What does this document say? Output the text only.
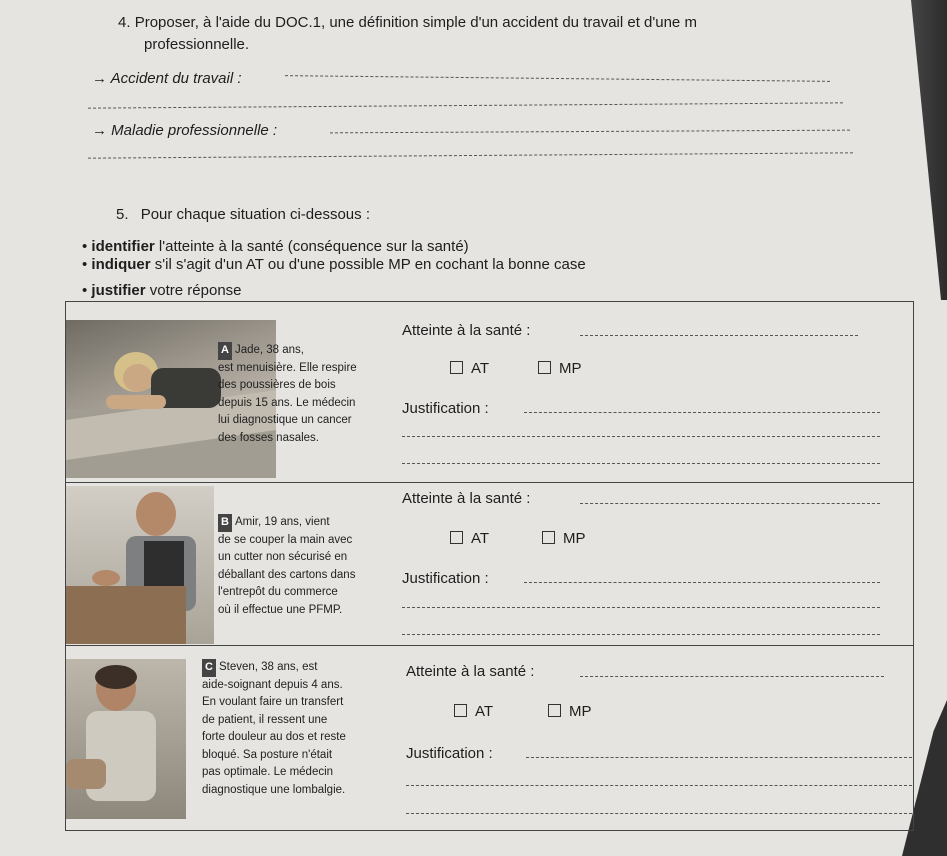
4. Proposer, à l'aide du DOC.1, une définition simple d'un accident du travail et d'une m
professionnelle.
→ Accident du travail :
→ Maladie professionnelle :
5. Pour chaque situation ci-dessous :
• identifier l'atteinte à la santé (conséquence sur la santé)
• indiquer s'il s'agit d'un AT ou d'une possible MP en cochant la bonne case
• justifier votre réponse
A Jade, 38 ans,
est menuisière. Elle respire
des poussières de bois
depuis 15 ans. Le médecin
lui diagnostique un cancer
des fosses nasales.
Atteinte à la santé :
AT	MP
Justification :
B Amir, 19 ans, vient
de se couper la main avec
un cutter non sécurisé en
déballant des cartons dans
l'entrepôt du commerce
où il effectue une PFMP.
Atteinte à la santé :
AT	MP
Justification :
C Steven, 38 ans, est
aide-soignant depuis 4 ans.
En voulant faire un transfert
de patient, il ressent une
forte douleur au dos et reste
bloqué. Sa posture n'était
pas optimale. Le médecin
diagnostique une lombalgie.
Atteinte à la santé :
AT	MP
Justification :
